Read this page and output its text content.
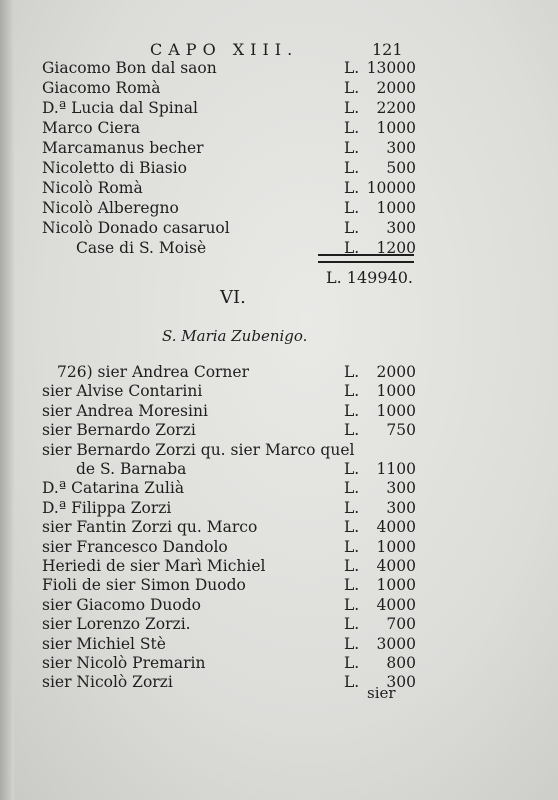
CAPO XIII.	121
Giacomo Bon dal saon	L. 13000
Giacomo Romà	L. 2000
D.ª Lucia dal Spinal	L. 2200
Marco Ciera	L. 1000
Marcamanus becher	L. 300
Nicoletto di Biasio	L. 500
Nicolò Romà	L. 10000
Nicolò Alberegno	L. 1000
Nicolò Donado casaruol	L. 300
Case di S. Moisè	L. 1200
L. 149940.
VI.
S. Maria Zubenigo.
726) sier Andrea Corner	L. 2000
sier Alvise Contarini	L. 1000
sier Andrea Moresini	L. 1000
sier Bernardo Zorzi	L. 750
sier Bernardo Zorzi qu. sier Marco quel
de S. Barnaba	L. 1100
D.ª Catarina Zulià	L. 300
D.ª Filippa Zorzi	L. 300
sier Fantin Zorzi qu. Marco	L. 4000
sier Francesco Dandolo	L. 1000
Heriedi de sier Marì Michiel	L. 4000
Fioli de sier Simon Duodo	L. 1000
sier Giacomo Duodo	L. 4000
sier Lorenzo Zorzi.	L. 700
sier Michiel Stè	L. 3000
sier Nicolò Premarin	L. 800
sier Nicolò Zorzi	L. 300
sier
